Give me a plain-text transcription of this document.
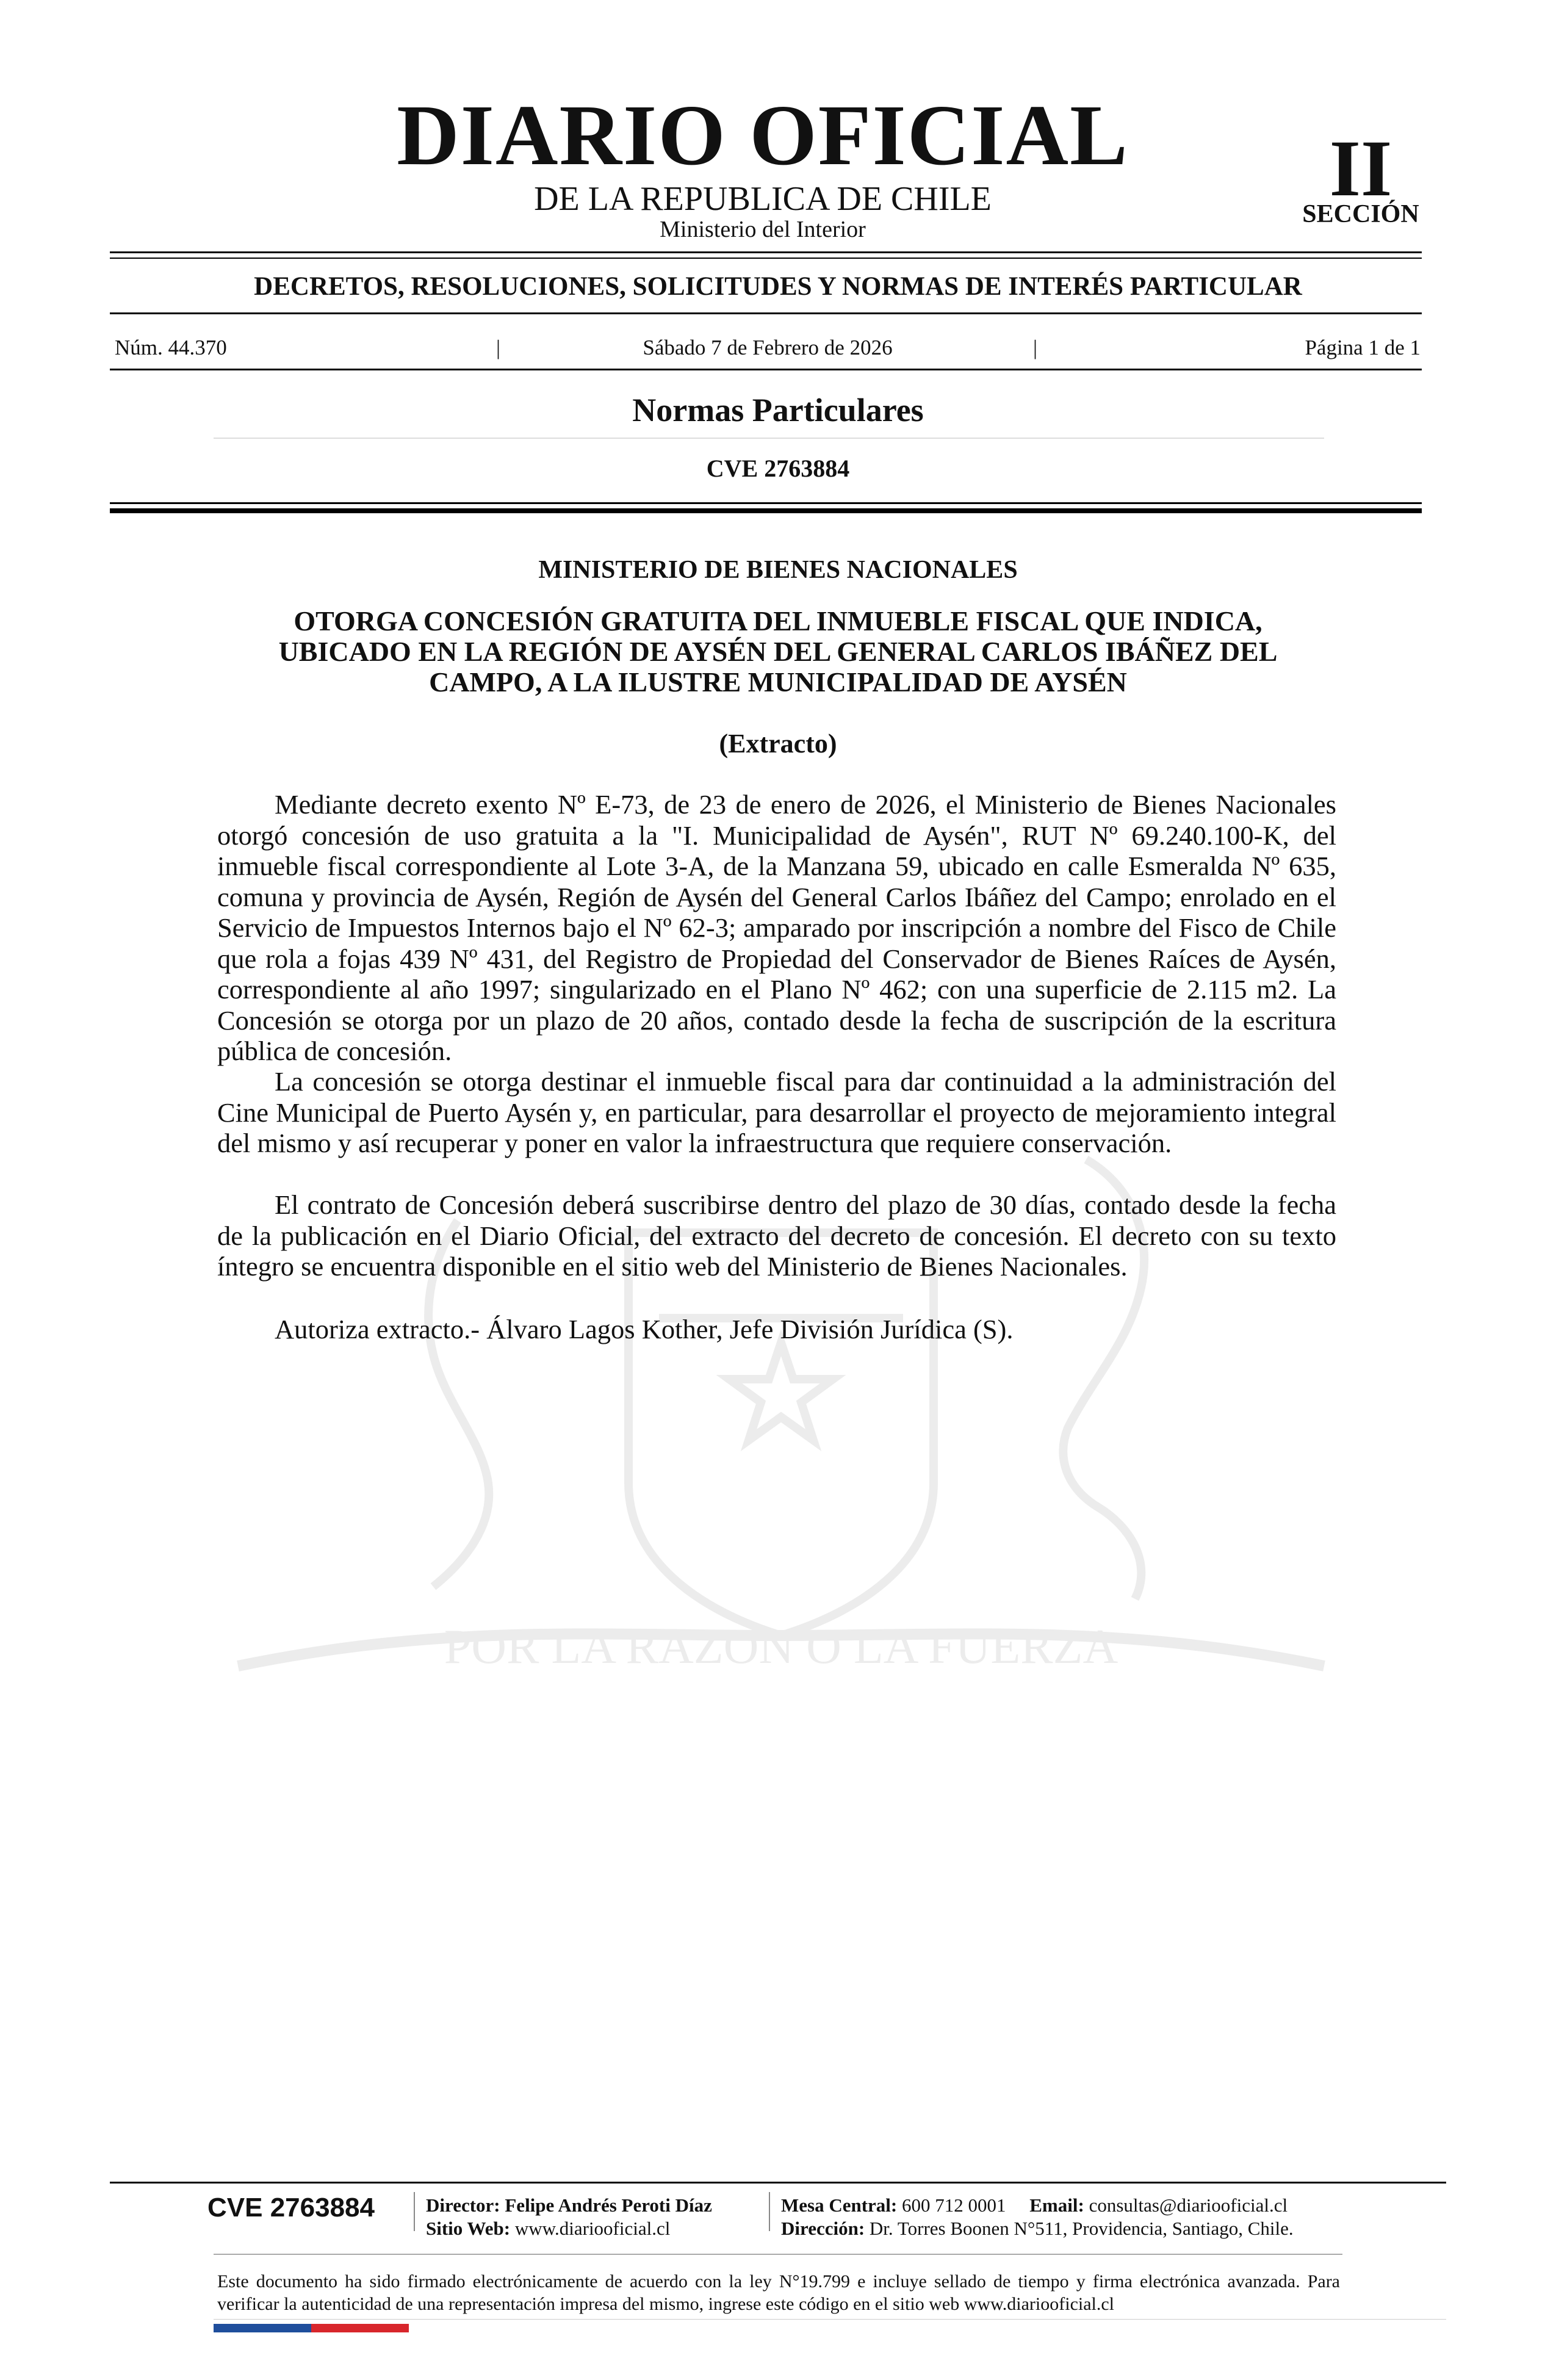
POR LA RAZON O LA FUERZA
DIARIO OFICIAL
DE LA REPUBLICA DE CHILE
Ministerio del Interior
II
SECCIÓN
DECRETOS, RESOLUCIONES, SOLICITUDES Y NORMAS DE INTERÉS PARTICULAR
Núm. 44.370	|	Sábado 7 de Febrero de 2026	|	Página 1 de 1
Normas Particulares
CVE 2763884
MINISTERIO DE BIENES NACIONALES
OTORGA CONCESIÓN GRATUITA DEL INMUEBLE FISCAL QUE INDICA,
UBICADO EN LA REGIÓN DE AYSÉN DEL GENERAL CARLOS IBÁÑEZ DEL
CAMPO, A LA ILUSTRE MUNICIPALIDAD DE AYSÉN
(Extracto)

Mediante decreto exento Nº E-73, de 23 de enero de 2026, el Ministerio de Bienes Nacionales otorgó concesión de uso gratuita a la "I. Municipalidad de Aysén", RUT Nº 69.240.100-K, del inmueble fiscal correspondiente al Lote 3-A, de la Manzana 59, ubicado en calle Esmeralda Nº 635, comuna y provincia de Aysén, Región de Aysén del General Carlos Ibáñez del Campo; enrolado en el Servicio de Impuestos Internos bajo el Nº 62-3; amparado por inscripción a nombre del Fisco de Chile que rola a fojas 439 Nº 431, del Registro de Propiedad del Conservador de Bienes Raíces de Aysén, correspondiente al año 1997; singularizado en el Plano Nº 462; con una superficie de 2.115 m2. La Concesión se otorga por un plazo de 20 años, contado desde la fecha de suscripción de la escritura pública de concesión.

La concesión se otorga destinar el inmueble fiscal para dar continuidad a la administración del Cine Municipal de Puerto Aysén y, en particular, para desarrollar el proyecto de mejoramiento integral del mismo y así recuperar y poner en valor la infraestructura que requiere conservación.

El contrato de Concesión deberá suscribirse dentro del plazo de 30 días, contado desde la fecha de la publicación en el Diario Oficial, del extracto del decreto de concesión. El decreto con su texto íntegro se encuentra disponible en el sitio web del Ministerio de Bienes Nacionales.

Autoriza extracto.- Álvaro Lagos Kother, Jefe División Jurídica (S).

CVE 2763884	Director: Felipe Andrés Peroti Díaz
Sitio Web: www.diariooficial.cl
Mesa Central: 600 712 0001 Email: consultas@diariooficial.cl
Dirección: Dr. Torres Boonen N°511, Providencia, Santiago, Chile.
Este documento ha sido firmado electrónicamente de acuerdo con la ley N°19.799 e incluye sellado de tiempo y firma electrónica avanzada. Para verificar la autenticidad de una representación impresa del mismo, ingrese este código en el sitio web www.diariooficial.cl
